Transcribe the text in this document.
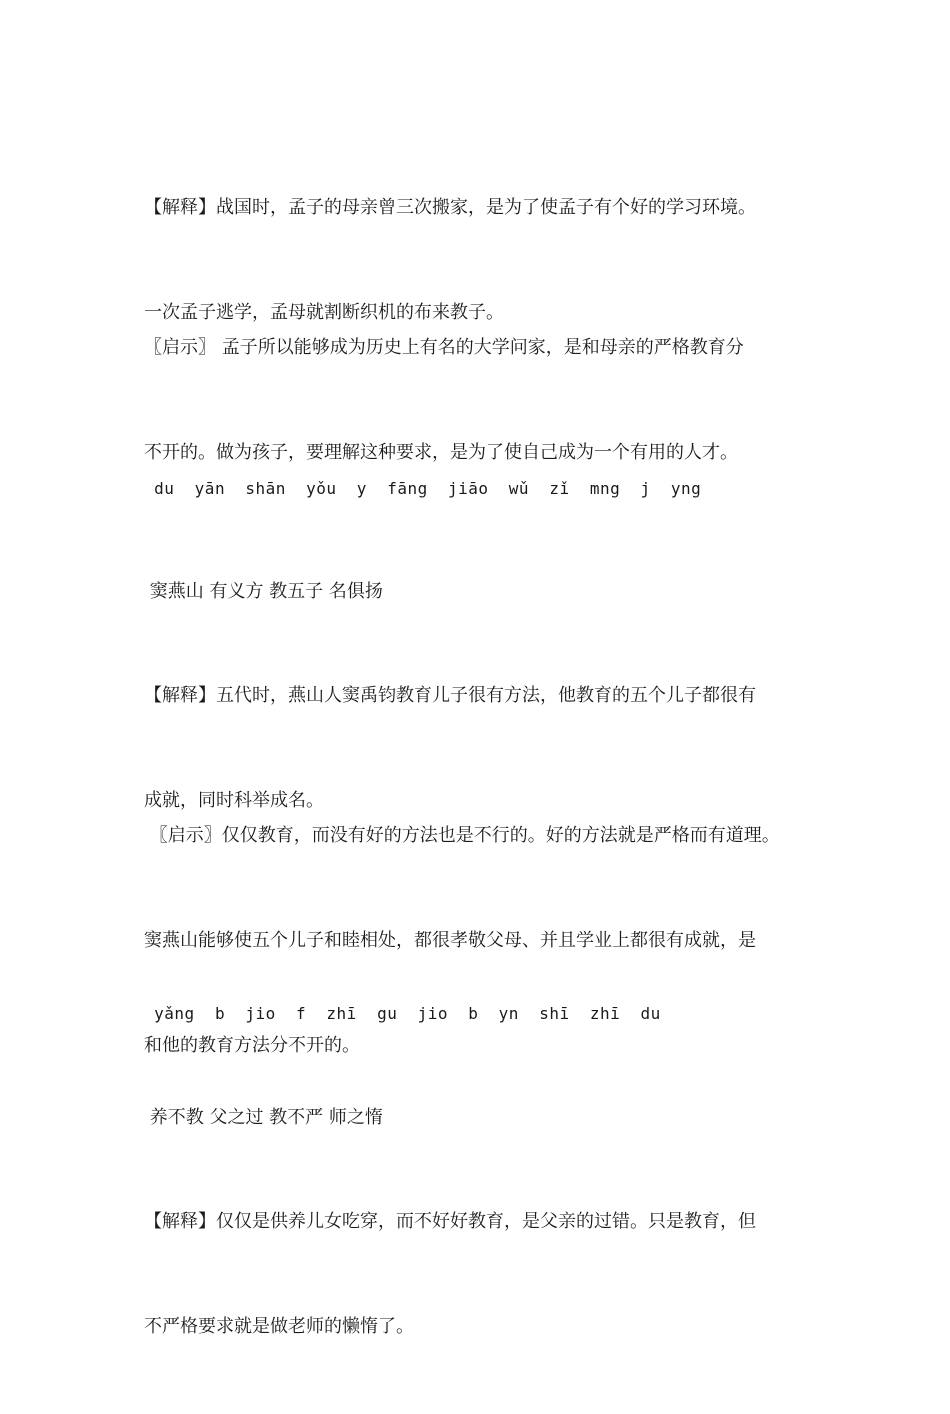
【解释】战国时，孟子的母亲曾三次搬家，是为了使孟子有个好的学习环境。

一次孟子逃学，孟母就割断织机的布来教子。

〖启示〗 孟子所以能够成为历史上有名的大学问家，是和母亲的严格教育分

不开的。做为孩子，要理解这种要求，是为了使自己成为一个有用的人才。

du  yān  shān  yǒu  y  fāng  jiāo  wǔ  zǐ  mng  j  yng

窦燕山 有义方 教五子 名俱扬

【解释】五代时，燕山人窦禹钧教育儿子很有方法，他教育的五个儿子都很有

成就，同时科举成名。

〖启示〗仅仅教育，而没有好的方法也是不行的。好的方法就是严格而有道理。

窦燕山能够使五个儿子和睦相处，都很孝敬父母、并且学业上都很有成就，是

和他的教育方法分不开的。

yǎng  b  jio  f  zhī  gu  jio  b  yn  shī  zhī  du

养不教 父之过 教不严 师之惰

【解释】仅仅是供养儿女吃穿，而不好好教育，是父亲的过错。只是教育，但

不严格要求就是做老师的懒惰了。
